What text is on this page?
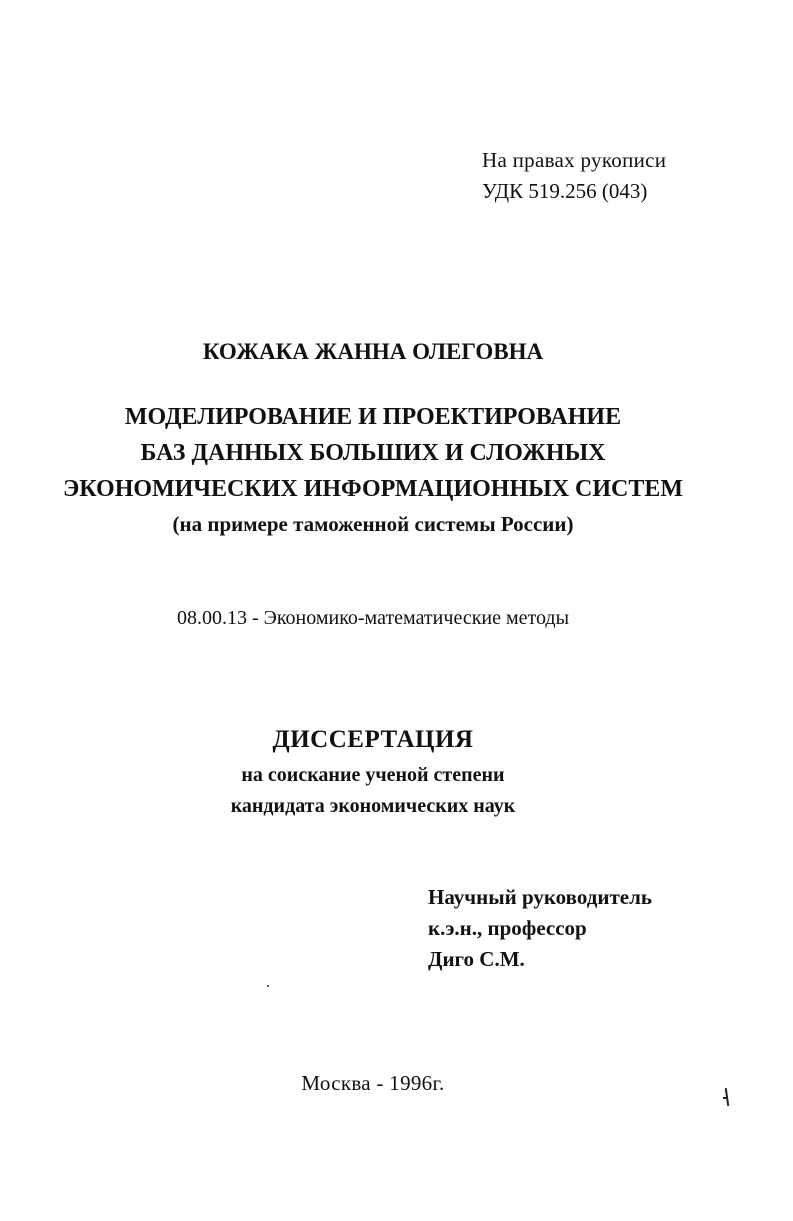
На правах рукописи
УДК 519.256 (043)
КОЖАКА ЖАННА ОЛЕГОВНА
МОДЕЛИРОВАНИЕ И ПРОЕКТИРОВАНИЕ
БАЗ ДАННЫХ БОЛЬШИХ И СЛОЖНЫХ
ЭКОНОМИЧЕСКИХ ИНФОРМАЦИОННЫХ СИСТЕМ
(на примере таможенной системы России)
08.00.13 - Экономико-математические методы
ДИССЕРТАЦИЯ
на соискание ученой степени
кандидата экономических наук
Научный руководитель
к.э.н., профессор
Диго С.М.
Москва - 1996г.
